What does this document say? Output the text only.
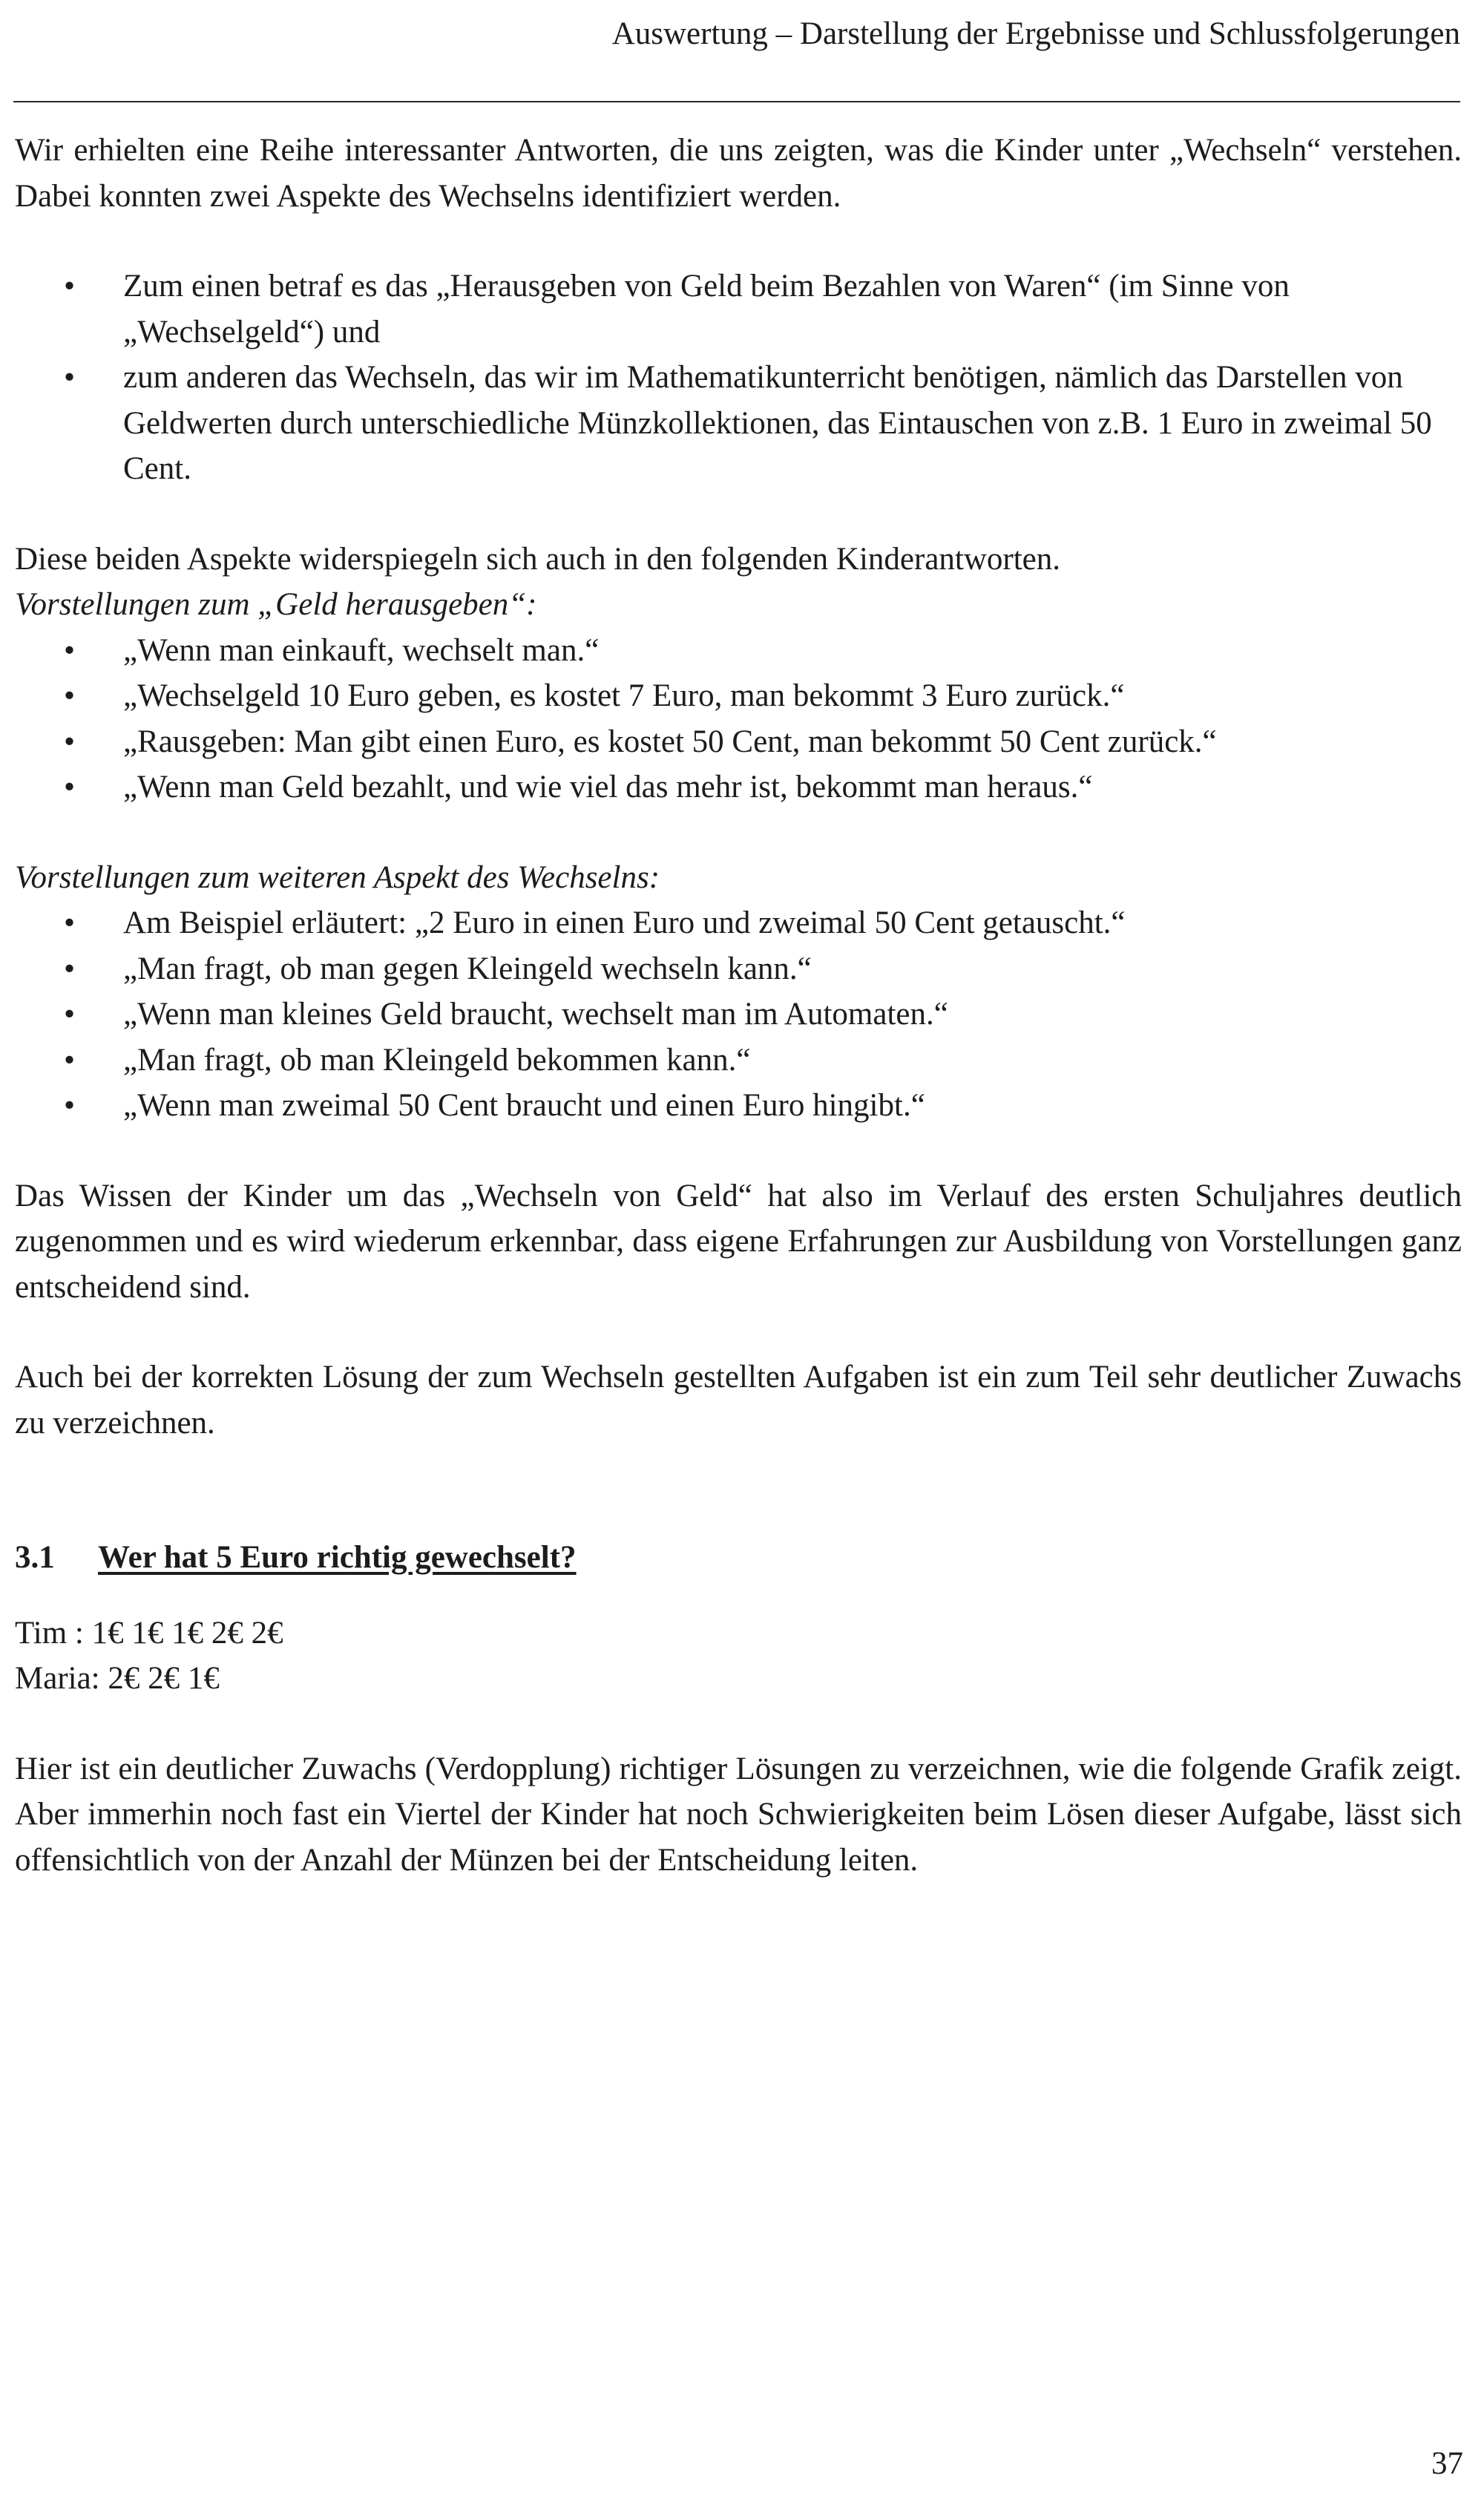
Auswertung – Darstellung der Ergebnisse und Schlussfolgerungen

Wir erhielten eine Reihe interessanter Antworten, die uns zeigten, was die Kinder unter „Wechseln“ verstehen. Dabei konnten zwei Aspekte des Wechselns identifiziert werden.

•	Zum einen betraf es das „Herausgeben von Geld beim Bezahlen von Waren“ (im Sinne von „Wechselgeld“) und
•	zum anderen das Wechseln, das wir im Mathematikunterricht benötigen, nämlich das Darstellen von Geldwerten durch unterschiedliche Münzkollektionen, das Eintauschen von z.B. 1 Euro in zweimal 50 Cent.

Diese beiden Aspekte widerspiegeln sich auch in den folgenden Kinderantworten.

Vorstellungen zum „Geld herausgeben“:

•	„Wenn man einkauft, wechselt man.“
•	„Wechselgeld 10 Euro geben, es kostet 7 Euro, man bekommt 3 Euro zurück.“
•	„Rausgeben: Man gibt einen Euro, es kostet 50 Cent, man bekommt 50 Cent zurück.“
•	„Wenn man Geld bezahlt, und wie viel das mehr ist, bekommt man heraus.“

Vorstellungen zum weiteren Aspekt des Wechselns:

•	Am Beispiel erläutert: „2 Euro in einen Euro und zweimal 50 Cent getauscht.“
•	„Man fragt, ob man gegen Kleingeld wechseln kann.“
•	„Wenn man kleines Geld braucht, wechselt man im Automaten.“
•	„Man fragt, ob man Kleingeld bekommen kann.“
•	„Wenn man zweimal 50 Cent braucht und einen Euro hingibt.“

Das Wissen der Kinder um das „Wechseln von Geld“ hat also im Verlauf des ersten Schuljahres deutlich zugenommen und es wird wiederum erkennbar, dass eigene Erfahrungen zur Ausbildung von Vorstellungen ganz entscheidend sind.

Auch bei der korrekten Lösung der zum Wechseln gestellten Aufgaben ist ein zum Teil sehr deutlicher Zuwachs zu verzeichnen.

3.1 Wer hat 5 Euro richtig gewechselt?

Tim : 1€ 1€ 1€ 2€ 2€

Maria: 2€ 2€ 1€

Hier ist ein deutlicher Zuwachs (Verdopplung) richtiger Lösungen zu verzeichnen, wie die folgende Grafik zeigt. Aber immerhin noch fast ein Viertel der Kinder hat noch Schwierigkeiten beim Lösen dieser Aufgabe, lässt sich offensichtlich von der Anzahl der Münzen bei der Entscheidung leiten.

37
